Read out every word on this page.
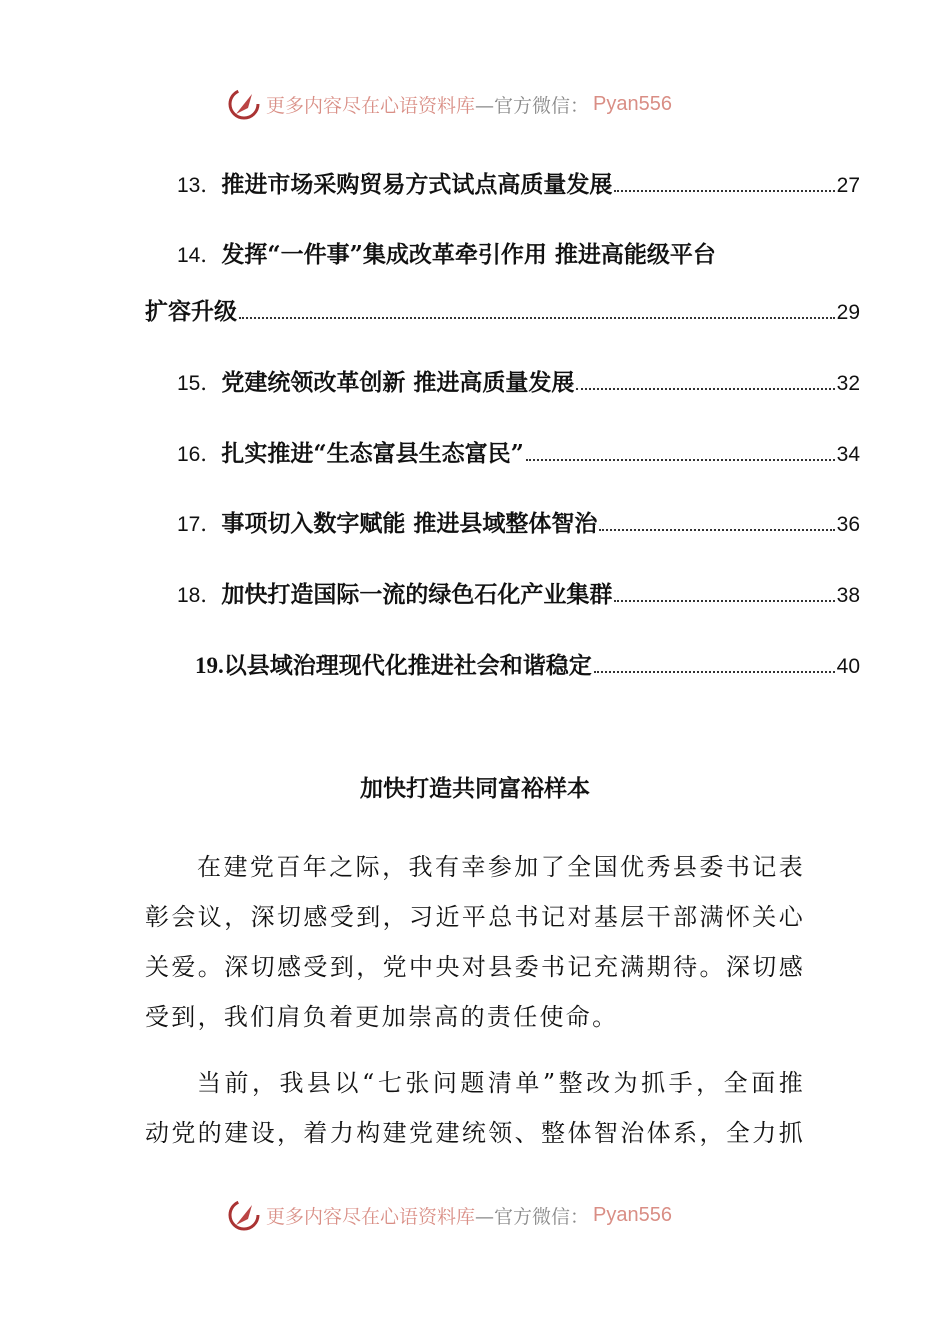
更多内容尽在心语资料库 —官方微信： Pyan556
13． 推进市场采购贸易方式试点高质量发展	27
14． 发挥“一件事”集成改革牵引作用 推进高能级平台
扩容升级	29
15． 党建统领改革创新 推进高质量发展	32
16． 扎实推进“生态富县生态富民”	34
17． 事项切入数字赋能 推进县域整体智治	36
18． 加快打造国际一流的绿色石化产业集群	38
19. 以县域治理现代化推进社会和谐稳定	40
加快打造共同富裕样本
在建党百年之际，我有幸参加了全国优秀县委书记表
彰会议，深切感受到，习近平总书记对基层干部满怀关心
关爱。深切感受到，党中央对县委书记充满期待。深切感
受到，我们肩负着更加崇高的责任使命。
当前，我县以“七张问题清单”整改为抓手，全面推
动党的建设，着力构建党建统领、整体智治体系，全力抓
更多内容尽在心语资料库 —官方微信： Pyan556
